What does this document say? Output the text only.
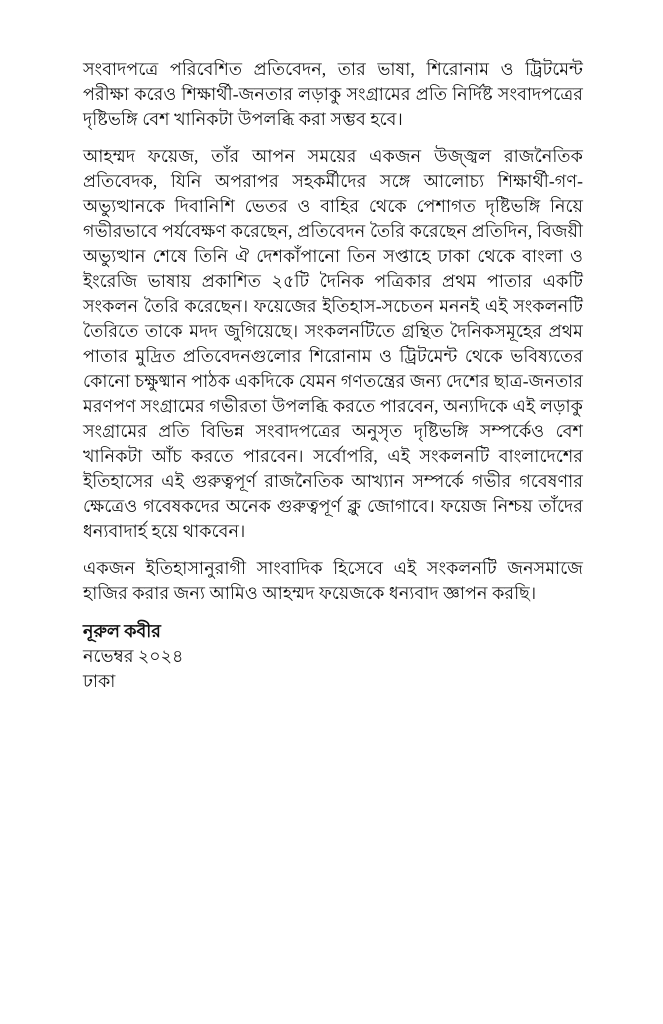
সংবাদপত্রে পরিবেশিত প্রতিবেদন, তার ভাষা, শিরোনাম ও ট্রিটমেন্ট পরীক্ষা করেও শিক্ষার্থী-জনতার লড়াকু সংগ্রামের প্রতি নির্দিষ্ট সংবাদপত্রের দৃষ্টিভঙ্গি বেশ খানিকটা উপলব্ধি করা সম্ভব হবে।

আহম্মদ ফয়েজ, তাঁর আপন সময়ের একজন উজ্জ্বল রাজনৈতিক প্রতিবেদক, যিনি অপরাপর সহকর্মীদের সঙ্গে আলোচ্য শিক্ষার্থী-গণ-অভ্যুত্থানকে দিবানিশি ভেতর ও বাহির থেকে পেশাগত দৃষ্টিভঙ্গি নিয়ে গভীরভাবে পর্যবেক্ষণ করেছেন, প্রতিবেদন তৈরি করেছেন প্রতিদিন, বিজয়ী অভ্যুত্থান শেষে তিনি ঐ দেশকাঁপানো তিন সপ্তাহে ঢাকা থেকে বাংলা ও ইংরেজি ভাষায় প্রকাশিত ২৫টি দৈনিক পত্রিকার প্রথম পাতার একটি সংকলন তৈরি করেছেন। ফয়েজের ইতিহাস-সচেতন মননই এই সংকলনটি তৈরিতে তাকে মদদ জুগিয়েছে। সংকলনটিতে গ্রন্থিত দৈনিকসমূহের প্রথম পাতার মুদ্রিত প্রতিবেদনগুলোর শিরোনাম ও ট্রিটমেন্ট থেকে ভবিষ্যতের কোনো চক্ষুষ্মান পাঠক একদিকে যেমন গণতন্ত্রের জন্য দেশের ছাত্র-জনতার মরণপণ সংগ্রামের গভীরতা উপলব্ধি করতে পারবেন, অন্যদিকে এই লড়াকু সংগ্রামের প্রতি বিভিন্ন সংবাদপত্রের অনুসৃত দৃষ্টিভঙ্গি সম্পর্কেও বেশ খানিকটা আঁচ করতে পারবেন। সর্বোপরি, এই সংকলনটি বাংলাদেশের ইতিহাসের এই গুরুত্বপূর্ণ রাজনৈতিক আখ্যান সম্পর্কে গভীর গবেষণার ক্ষেত্রেও গবেষকদের অনেক গুরুত্বপূর্ণ ক্লু জোগাবে। ফয়েজ নিশ্চয় তাঁদের ধন্যবাদার্হ হয়ে থাকবেন।

একজন ইতিহাসানুরাগী সাংবাদিক হিসেবে এই সংকলনটি জনসমাজে হাজির করার জন্য আমিও আহম্মদ ফয়েজকে ধন্যবাদ জ্ঞাপন করছি।

নূরুল কবীর
নভেম্বর ২০২৪
ঢাকা
